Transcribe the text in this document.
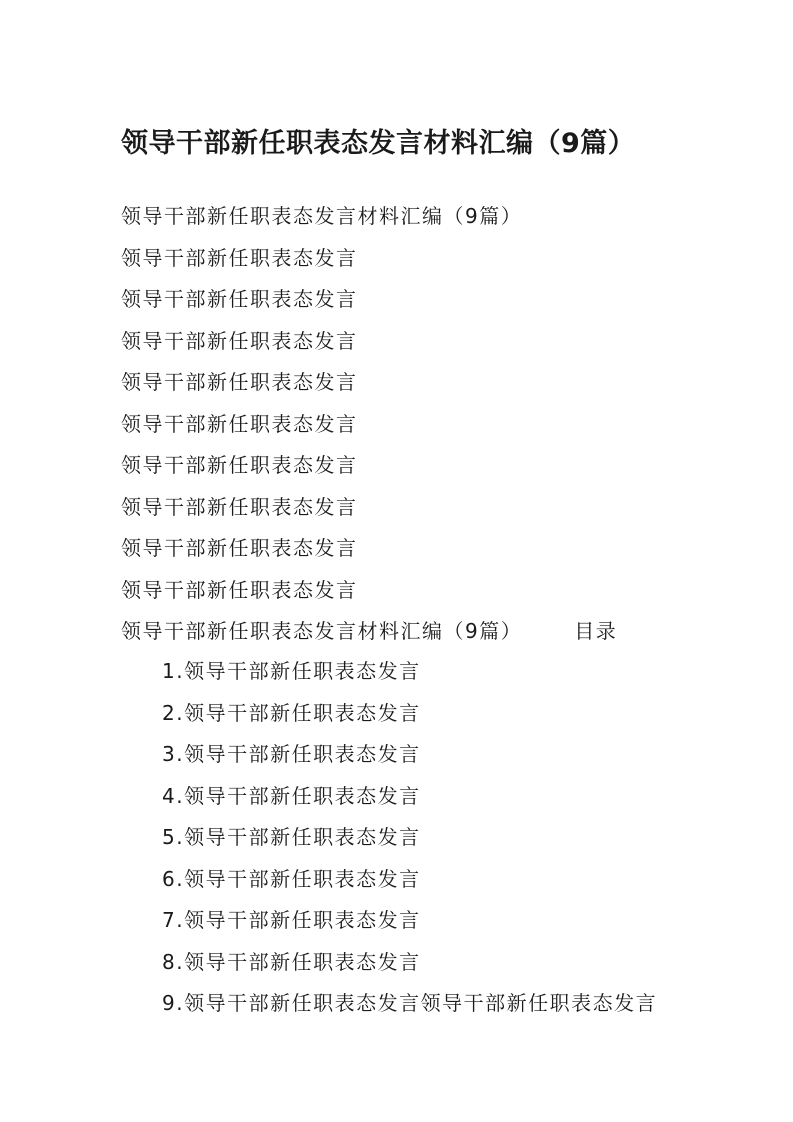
领导干部新任职表态发言材料汇编（9篇）
领导干部新任职表态发言材料汇编（9篇）
领导干部新任职表态发言
领导干部新任职表态发言
领导干部新任职表态发言
领导干部新任职表态发言
领导干部新任职表态发言
领导干部新任职表态发言
领导干部新任职表态发言
领导干部新任职表态发言
领导干部新任职表态发言
领导干部新任职表态发言材料汇编（9篇）	目录
1.领导干部新任职表态发言
2.领导干部新任职表态发言
3.领导干部新任职表态发言
4.领导干部新任职表态发言
5.领导干部新任职表态发言
6.领导干部新任职表态发言
7.领导干部新任职表态发言
8.领导干部新任职表态发言
9.领导干部新任职表态发言领导干部新任职表态发言
